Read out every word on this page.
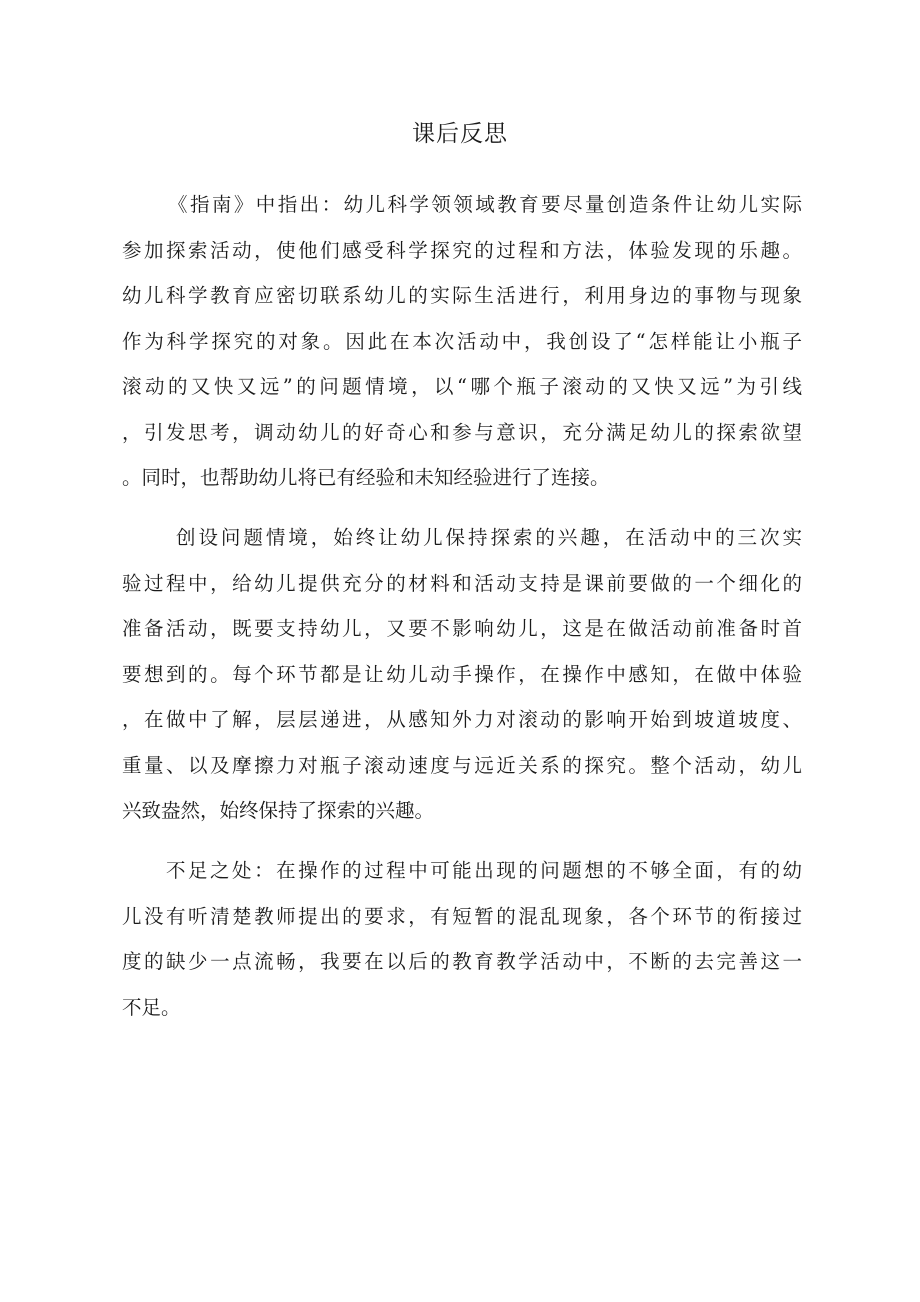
课后反思
《指南》中指出：幼儿科学领领域教育要尽量创造条件让幼儿实际
参加探索活动，使他们感受科学探究的过程和方法，体验发现的乐趣。
幼儿科学教育应密切联系幼儿的实际生活进行，利用身边的事物与现象
作为科学探究的对象。因此在本次活动中，我创设了“怎样能让小瓶子
滚动的又快又远”的问题情境，以“哪个瓶子滚动的又快又远”为引线
，引发思考，调动幼儿的好奇心和参与意识，充分满足幼儿的探索欲望
。同时，也帮助幼儿将已有经验和未知经验进行了连接。
创设问题情境，始终让幼儿保持探索的兴趣，在活动中的三次实
验过程中，给幼儿提供充分的材料和活动支持是课前要做的一个细化的
准备活动，既要支持幼儿，又要不影响幼儿，这是在做活动前准备时首
要想到的。每个环节都是让幼儿动手操作，在操作中感知，在做中体验
，在做中了解，层层递进，从感知外力对滚动的影响开始到坡道坡度、
重量、以及摩擦力对瓶子滚动速度与远近关系的探究。整个活动，幼儿
兴致盎然，始终保持了探索的兴趣。
不足之处：在操作的过程中可能出现的问题想的不够全面，有的幼
儿没有听清楚教师提出的要求，有短暂的混乱现象，各个环节的衔接过
度的缺少一点流畅，我要在以后的教育教学活动中，不断的去完善这一
不足。
